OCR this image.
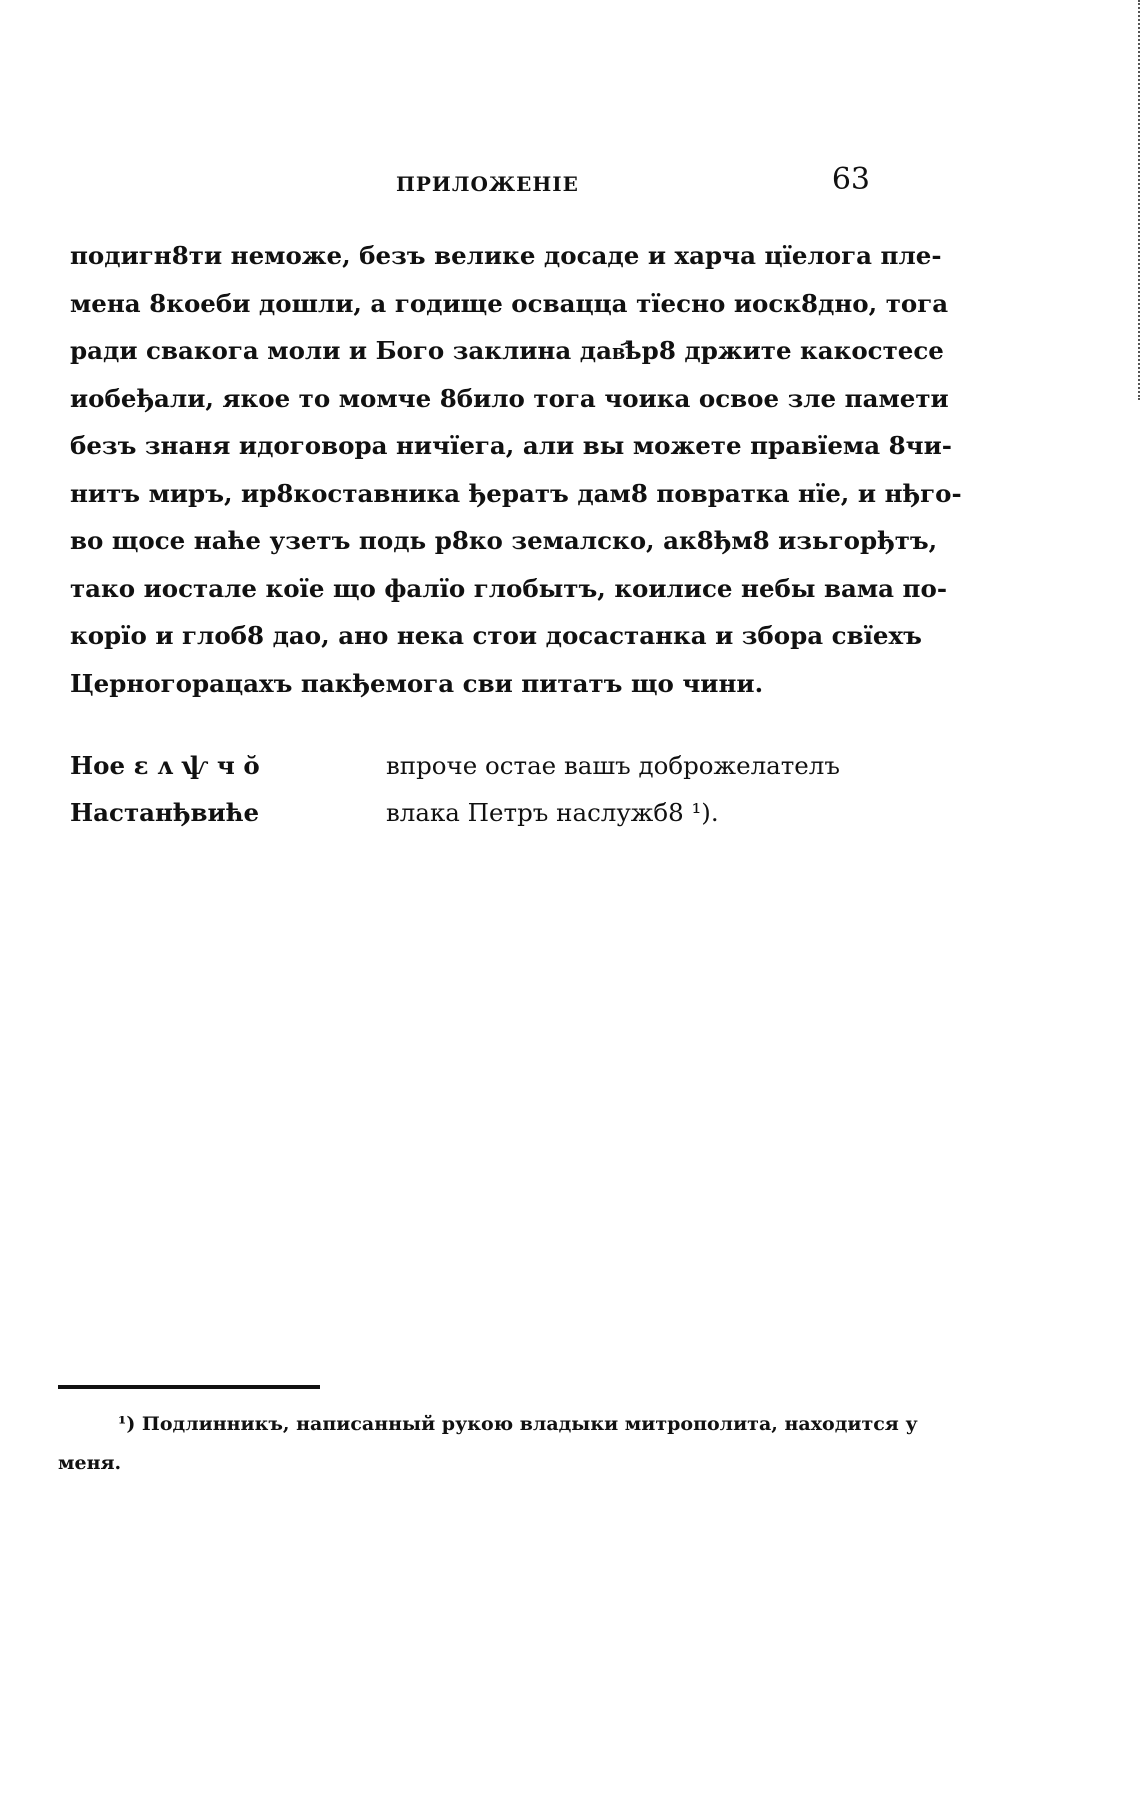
ПРИЛОЖЕНІЕ	63
подигн8ти неможе, безъ велике досаде и харча цїелога пле-
мена 8коеби дошли, а годище освацца тїесно иоск8дно, тога
ради свакога моли и Бого заклина дав҄ҍр8 држите какостесе
иобеђали, якое то момче 8било тога чоика освое зле памети
безъ знаня идоговора ничїега, али вы можете правїема 8чи-
нитъ миръ, ир8коставника ђератъ дам8 повратка нїе, и нђго-
во щосе наће узетъ подь р8ко земалско, ак8ђм8 изьгорђтъ,
тако иостале коїе що фалїо глобытъ, коилисе небы вама по-
корїо и глоб8 дао, ано нека стои досастанка и збора свїехъ
Церногорацахъ пакђемога сви питатъ що чини.
Ное ɛ ʌ ѱ ч ŏ
Настанђвиће
впроче остае вашъ доброжелателъ
влака Петръ наслужб8 ¹).
¹) Подлинникъ, написанный рукою владыки митрополита, находится у
меня.
